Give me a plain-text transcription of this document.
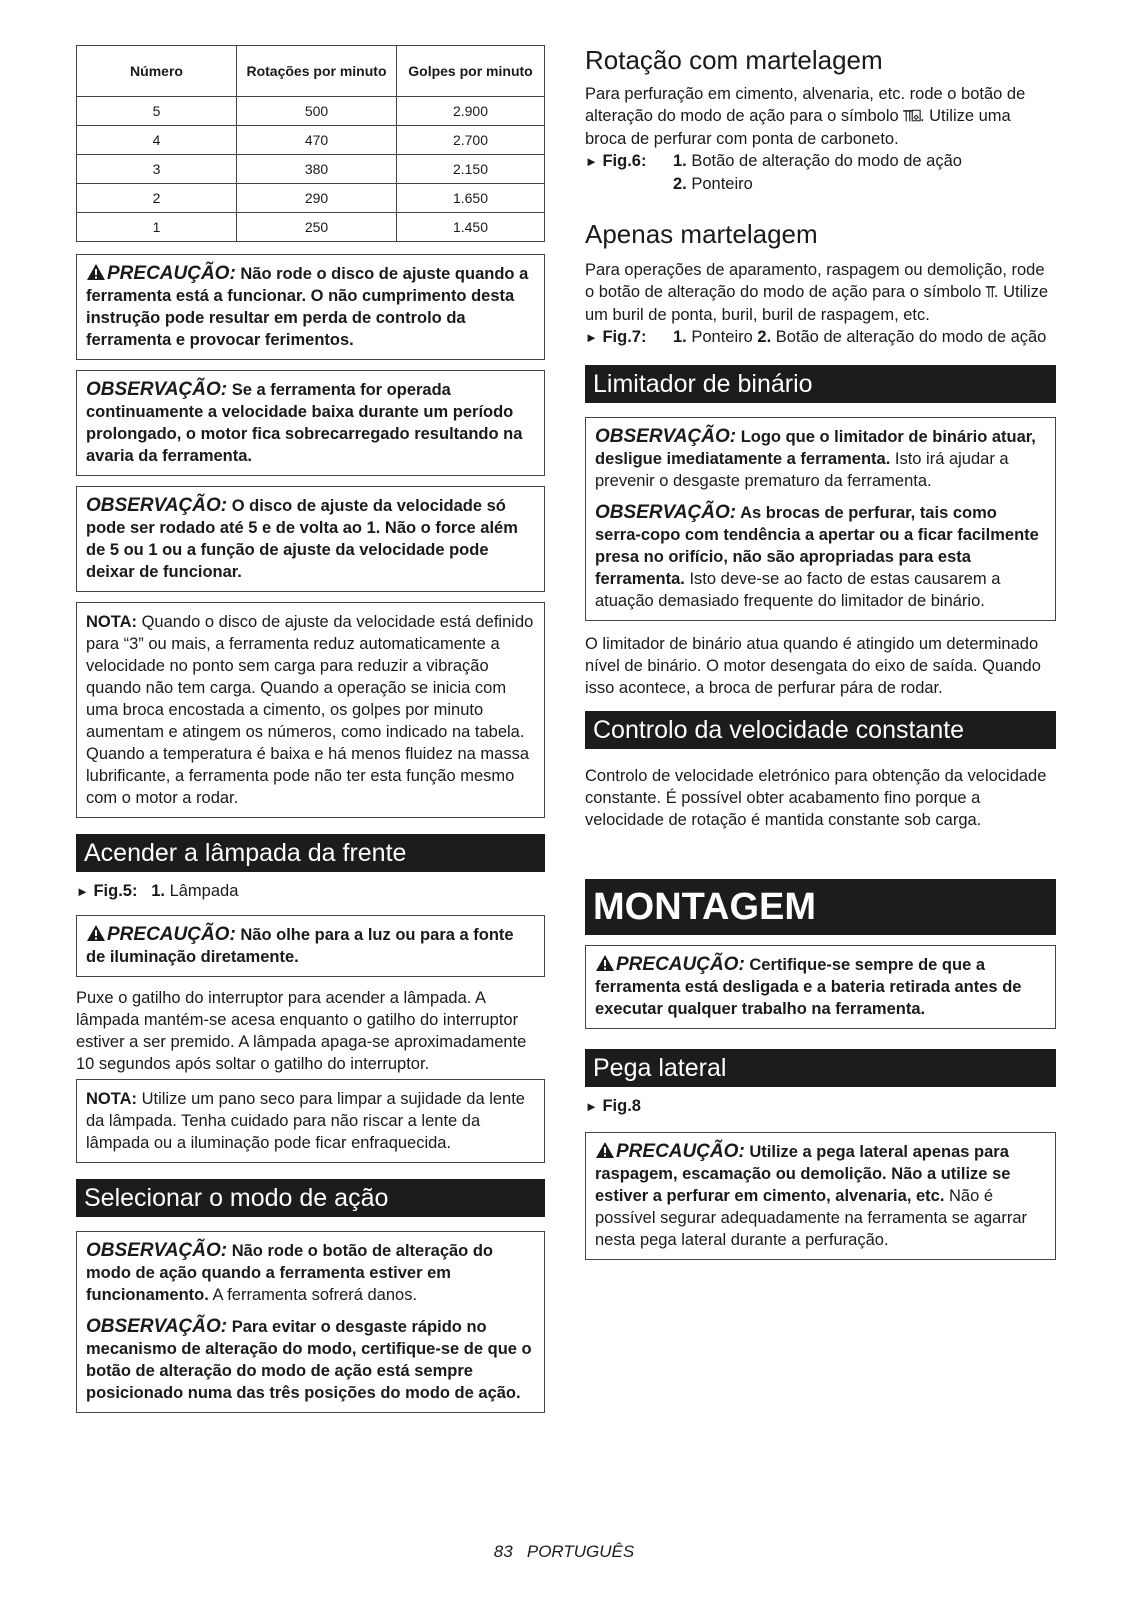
Número	Rotações por minuto	Golpes por minuto
5	500	2.900
4	470	2.700
3	380	2.150
2	290	1.650
1	250	1.450

PRECAUÇÃO: Não rode o disco de ajuste quando a ferramenta está a funcionar. O não cumprimento desta instrução pode resultar em perda de controlo da ferramenta e provocar ferimentos.

OBSERVAÇÃO: Se a ferramenta for operada continuamente a velocidade baixa durante um período prolongado, o motor fica sobrecarregado resultando na avaria da ferramenta.

OBSERVAÇÃO: O disco de ajuste da velocidade só pode ser rodado até 5 e de volta ao 1. Não o force além de 5 ou 1 ou a função de ajuste da velocidade pode deixar de funcionar.

NOTA: Quando o disco de ajuste da velocidade está definido para “3” ou mais, a ferramenta reduz automaticamente a velocidade no ponto sem carga para reduzir a vibração quando não tem carga. Quando a operação se inicia com uma broca encostada a cimento, os golpes por minuto aumentam e atingem os números, como indicado na tabela. Quando a temperatura é baixa e há menos fluidez na massa lubrificante, a ferramenta pode não ter esta função mesmo com o motor a rodar.

Acender a lâmpada da frente

► Fig.5: 1. Lâmpada

PRECAUÇÃO: Não olhe para a luz ou para a fonte de iluminação diretamente.

Puxe o gatilho do interruptor para acender a lâmpada. A lâmpada mantém-se acesa enquanto o gatilho do interruptor estiver a ser premido. A lâmpada apaga-se aproximadamente 10 segundos após soltar o gatilho do interruptor.

NOTA: Utilize um pano seco para limpar a sujidade da lente da lâmpada. Tenha cuidado para não riscar a lente da lâmpada ou a iluminação pode ficar enfraquecida.

Selecionar o modo de ação

OBSERVAÇÃO: Não rode o botão de alteração do modo de ação quando a ferramenta estiver em funcionamento. A ferramenta sofrerá danos.

OBSERVAÇÃO: Para evitar o desgaste rápido no mecanismo de alteração do modo, certifique-se de que o botão de alteração do modo de ação está sempre posicionado numa das três posições do modo de ação.

Rotação com martelagem

Para perfuração em cimento, alvenaria, etc. rode o botão de alteração do modo de ação para o símbolo ⫪⌺. Utilize uma broca de perfurar com ponta de carboneto.

► Fig.6:	1. Botão de alteração do modo de ação
2. Ponteiro
Apenas martelagem

Para operações de aparamento, raspagem ou demolição, rode o botão de alteração do modo de ação para o símbolo ⫪. Utilize um buril de ponta, buril, buril de raspagem, etc.

► Fig.7:	1. Ponteiro 2. Botão de alteração do modo de ação
Limitador de binário

OBSERVAÇÃO: Logo que o limitador de binário atuar, desligue imediatamente a ferramenta. Isto irá ajudar a prevenir o desgaste prematuro da ferramenta.

OBSERVAÇÃO: As brocas de perfurar, tais como serra-copo com tendência a apertar ou a ficar facilmente presa no orifício, não são apropriadas para esta ferramenta. Isto deve-se ao facto de estas causarem a atuação demasiado frequente do limitador de binário.

O limitador de binário atua quando é atingido um determinado nível de binário. O motor desengata do eixo de saída. Quando isso acontece, a broca de perfurar pára de rodar.

Controlo da velocidade constante

Controlo de velocidade eletrónico para obtenção da velocidade constante. É possível obter acabamento fino porque a velocidade de rotação é mantida constante sob carga.

MONTAGEM

PRECAUÇÃO: Certifique-se sempre de que a ferramenta está desligada e a bateria retirada antes de executar qualquer trabalho na ferramenta.

Pega lateral

► Fig.8

PRECAUÇÃO: Utilize a pega lateral apenas para raspagem, escamação ou demolição. Não a utilize se estiver a perfurar em cimento, alvenaria, etc. Não é possível segurar adequadamente na ferramenta se agarrar nesta pega lateral durante a perfuração.

83 PORTUGUÊS
